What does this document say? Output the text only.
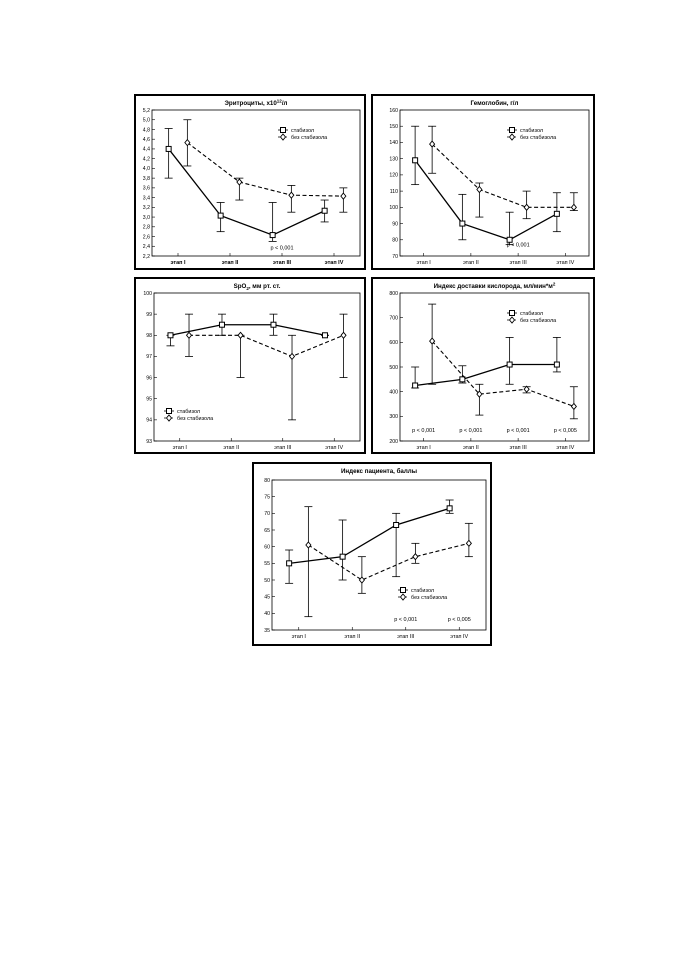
Эритроциты, $х10^{12}/л$
2,2
2,4
2,6
2,8
3,0
3,2
3,4
3,6
3,8
4,0
4,2
4,4
4,6
4,8
5,0
5,2
этап I	этап II	этап III	этап IV
стабизол
без стабизола
p < 0,001
Гемоглобин, г/л
70
80
90
100
110
120
130
140
150
160
этап I	этап II	этап III	этап IV
стабизол
без стабизола
p < 0,001
SpO$_2$, мм рт. ст.
93
94
95
96
97
98
99
100
этап I	этап II	этап III	этап IV
стабизол
без стабизола
Индекс доставки кислорода, $мл/мин*м^2$
200
300
400
500
600
700
800
этап I	этап II	этап III	этап IV
стабизол
без стабизола
p < 0,001	p < 0,001	p < 0,001	p < 0,005
Индекс пациента, баллы
35
40
45
50
55
60
65
70
75
80
этап I	этап II	этап III	этап IV
стабизол
без стабизола
p < 0,001	p < 0,005
